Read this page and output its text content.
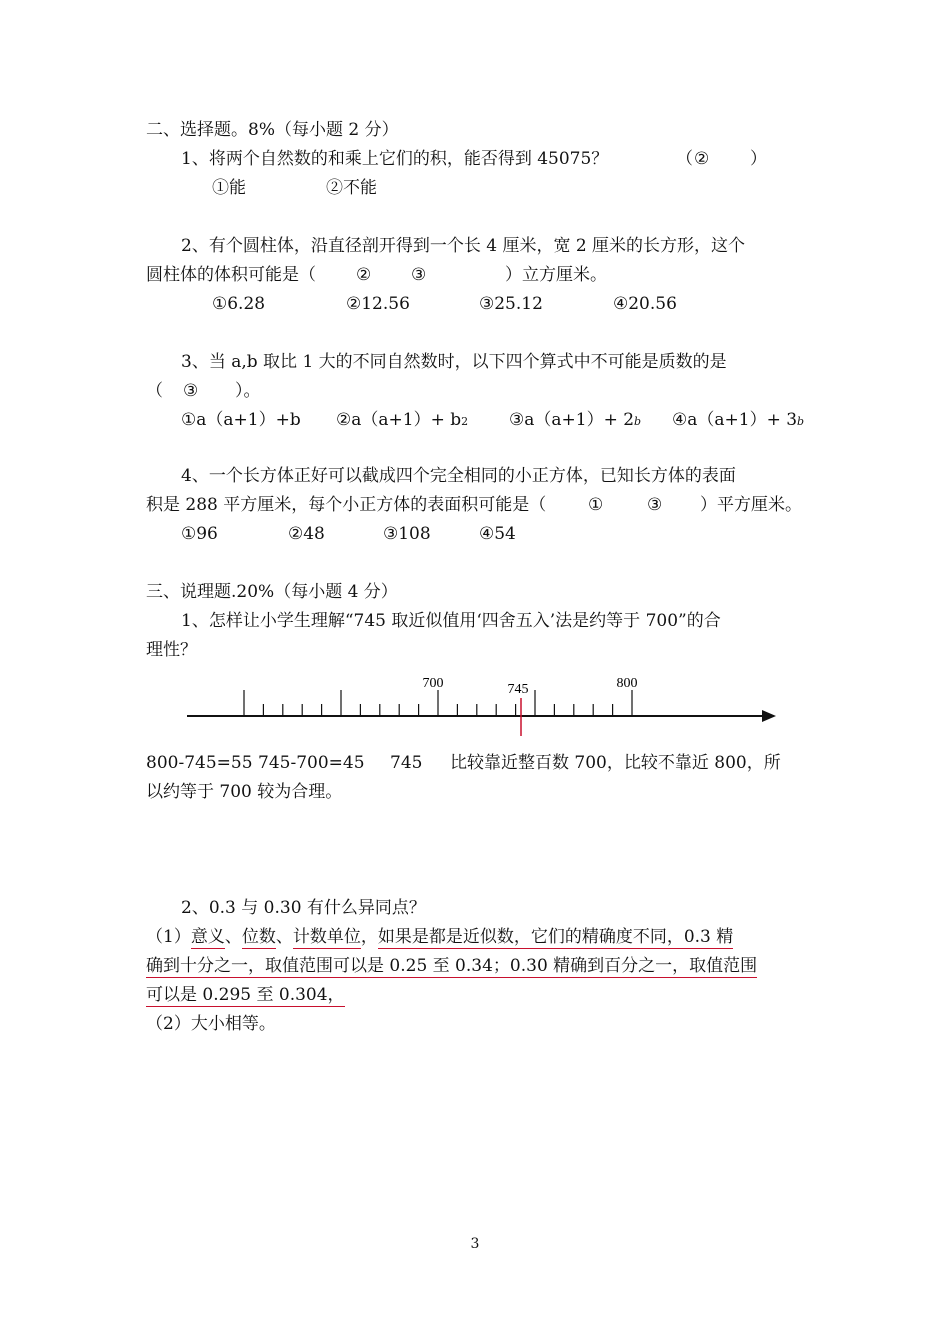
二、选择题。8%（每小题 2 分）
1、将两个自然数的和乘上它们的积，能否得到 45075？	（ ② ）
①能	②不能
2、有个圆柱体，沿直径剖开得到一个长 4 厘米，宽 2 厘米的长方形，这个
圆柱体的体积可能是（ ② ③	）立方厘米。
①6.28	②12.56	③25.12	④20.56
3、当 a,b 取比 1 大的不同自然数时，以下四个算式中不可能是质数的是
（ ③ ）。
①a（a+1）+b ②a（a+1）+ b2 ③a（a+1）+ 2b ④a（a+1）+ 3b
4、一个长方体正好可以截成四个完全相同的小正方体，已知长方体的表面
积是 288 平方厘米，每个小正方体的表面积可能是（ ①	③ ）平方厘米。
①96	②48	③108	④54
三、说理题.20%（每小题 4 分）
1、怎样让小学生理解“745 取近似值用‘四舍五入’法是约等于 700”的合
理性？
700	745	800
800-745=55 745-700=45 745 比较靠近整百数 700，比较不靠近 800，所
以约等于 700 较为合理。
2、0.3 与 0.30 有什么异同点？
（1）意义、位数、计数单位，如果是都是近似数，它们的精确度不同，0.3 精
确到十分之一，取值范围可以是 0.25 至 0.34；0.30 精确到百分之一，取值范围
可以是 0.295 至 0.304，
（2）大小相等。
3
